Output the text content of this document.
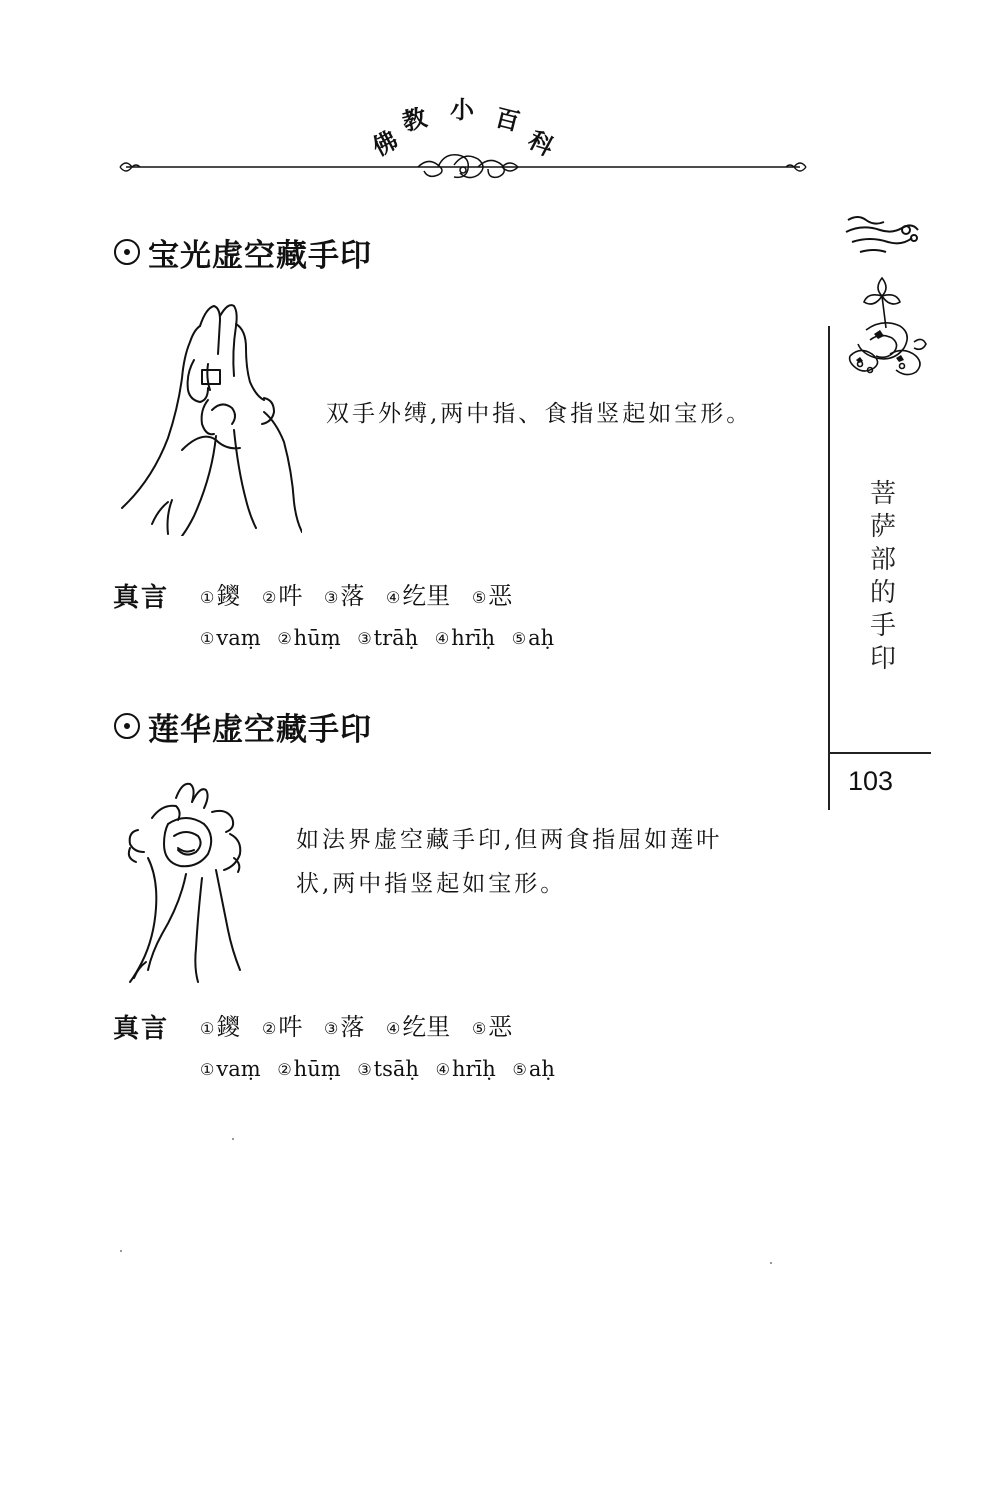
佛
教 小 百
科
菩
萨
部
的
手
印
103
宝光虚空藏手印
双手外缚,两中指、食指竖起如宝形。
真言 ①鑁 ②吽 ③落 ④纥里 ⑤恶
①vaṃ ②hūṃ ③trāḥ ④hrīḥ ⑤aḥ
莲华虚空藏手印
如法界虚空藏手印,但两食指屈如莲叶
状,两中指竖起如宝形。
真言 ①鑁 ②吽 ③落 ④纥里 ⑤恶
①vaṃ ②hūṃ ③tsāḥ ④hrīḥ ⑤aḥ
